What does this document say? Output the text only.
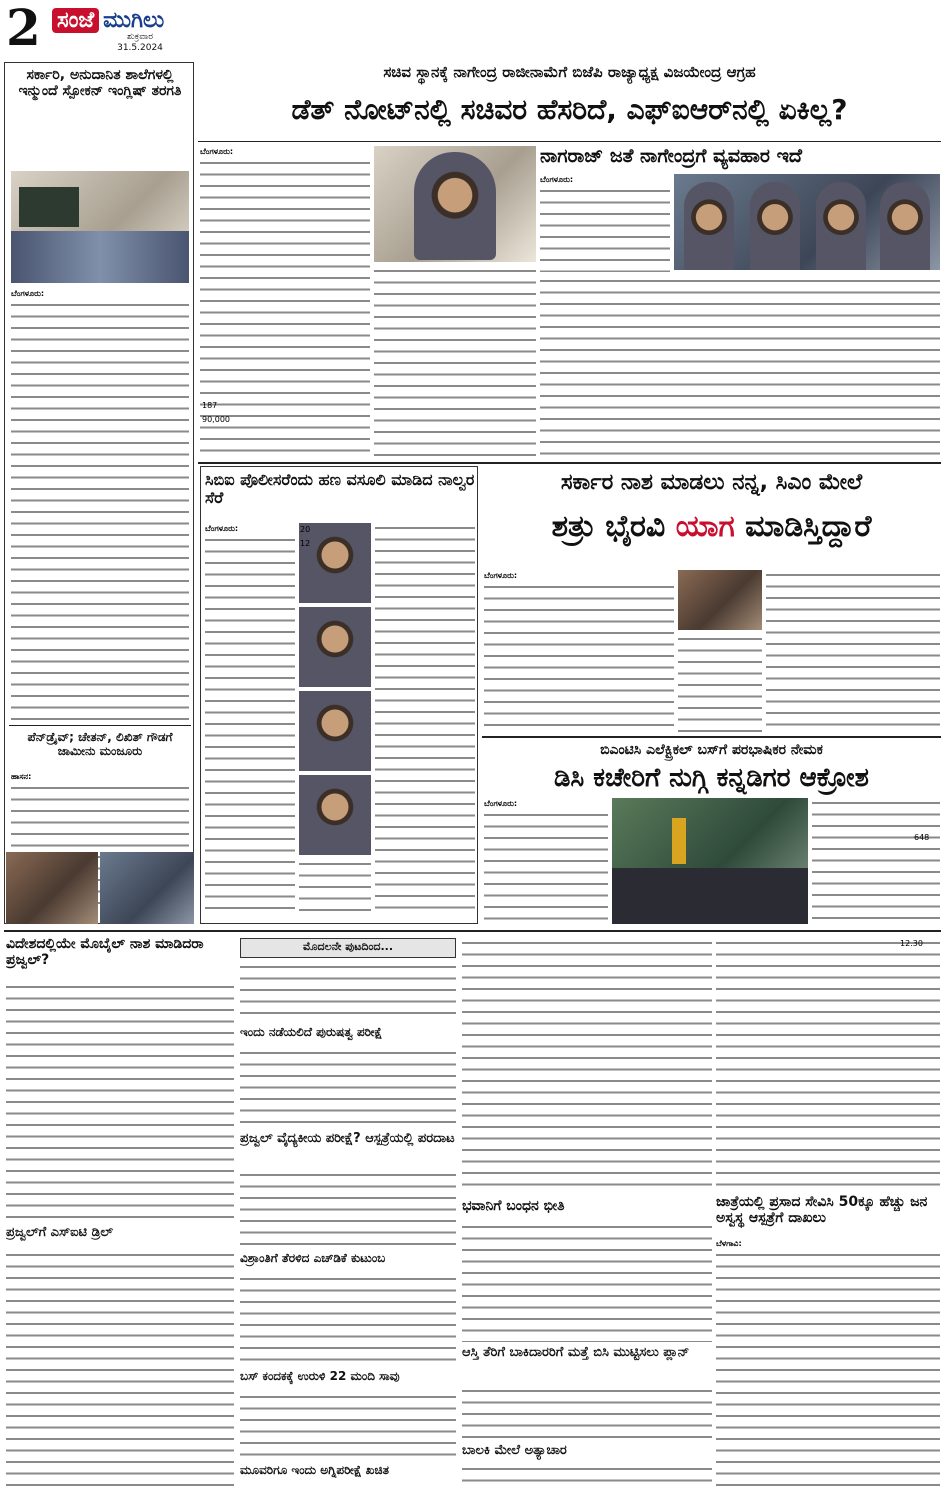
2 ಸಂಜೆ ಮುಗಿಲು
ಶುಕ್ರವಾರ
31.5.2024
ಸರ್ಕಾರಿ, ಅನುದಾನಿತ ಶಾಲೆಗಳಲ್ಲಿ ಇನ್ಮುಂದೆ ಸ್ಪೋಕನ್ ಇಂಗ್ಲಿಷ್ ತರಗತಿ
ಬೆಂಗಳೂರು:
ಪೆನ್‌ಡ್ರೈವ್; ಚೇತನ್, ಲಿಖಿತ್ ಗೌಡಗೆ ಜಾಮೀನು ಮಂಜೂರು
ಹಾಸನ:
ಸಚಿವ ಸ್ಥಾನಕ್ಕೆ ನಾಗೇಂದ್ರ ರಾಜೀನಾಮೆಗೆ ಬಿಜೆಪಿ ರಾಜ್ಯಾಧ್ಯಕ್ಷ ವಿಜಯೇಂದ್ರ ಆಗ್ರಹ
ಡೆತ್ ನೋಟ್‌ನಲ್ಲಿ ಸಚಿವರ ಹೆಸರಿದೆ, ಎಫ್‌ಐಆರ್‌ನಲ್ಲಿ ಏಕಿಲ್ಲ?
ಬೆಂಗಳೂರು:	ನಾಗರಾಜ್ ಜತೆ ನಾಗೇಂದ್ರಗೆ ವ್ಯವಹಾರ ಇದೆ
ಬೆಂಗಳೂರು:
187
ಸಿಬಿಐ ಪೊಲೀಸರೆಂದು ಹಣ ವಸೂಲಿ ಮಾಡಿದ ನಾಲ್ವರ ಸೆರೆ
ಬೆಂಗಳೂರು:
ಸರ್ಕಾರ ನಾಶ ಮಾಡಲು ನನ್ನ, ಸಿಎಂ ಮೇಲೆ
ಶತ್ರು ಭೈರವಿ ಯಾಗ ಮಾಡಿಸ್ತಿದ್ದಾರೆ
ಬೆಂಗಳೂರು:
ಬಿಎಂಟಿಸಿ ಎಲೆಕ್ಟ್ರಿಕಲ್ ಬಸ್‌ಗೆ ಪರಭಾಷಿಕರ ನೇಮಕ
ಡಿಸಿ ಕಚೇರಿಗೆ ನುಗ್ಗಿ ಕನ್ನಡಿಗರ ಆಕ್ರೋಶ
ಬೆಂಗಳೂರು:
648
ವಿದೇಶದಲ್ಲಿಯೇ ಮೊಬೈಲ್ ನಾಶ ಮಾಡಿದರಾ ಪ್ರಜ್ವಲ್?
ಪ್ರಜ್ವಲ್‌ಗೆ ಎಸ್‌ಐಟಿ ಡ್ರಿಲ್
ಮೊದಲನೇ ಪುಟದಿಂದ...
ಇಂದು ನಡೆಯಲಿದೆ ಪುರುಷತ್ವ ಪರೀಕ್ಷೆ
ಪ್ರಜ್ವಲ್ ವೈದ್ಯಕೀಯ ಪರೀಕ್ಷೆ? ಆಸ್ಪತ್ರೆಯಲ್ಲಿ ಪರದಾಟ
ವಿಶ್ರಾಂತಿಗೆ ತೆರಳಿದ ಎಚ್‌ಡಿಕೆ ಕುಟುಂಬ
ಬಸ್ ಕಂದಕಕ್ಕೆ ಉರುಳಿ 22 ಮಂದಿ ಸಾವು
ಮೂವರಿಗೂ ಇಂದು ಅಗ್ನಿಪರೀಕ್ಷೆ ಖಚಿತ
ಭವಾನಿಗೆ ಬಂಧನ ಭೀತಿ
ಆಸ್ತಿ ತೆರಿಗೆ ಬಾಕಿದಾರರಿಗೆ ಮತ್ತೆ ಬಿಸಿ ಮುಟ್ಟಿಸಲು ಪ್ಲಾನ್
ಬಾಲಕಿ ಮೇಲೆ ಅತ್ಯಾಚಾರ
12.30
ಜಾತ್ರೆಯಲ್ಲಿ ಪ್ರಸಾದ ಸೇವಿಸಿ 50ಕ್ಕೂ ಹೆಚ್ಚು ಜನ ಅಸ್ವಸ್ಥ ಆಸ್ಪತ್ರೆಗೆ ದಾಖಲು
ಬೆಳಗಾವಿ:
90,000
20
12
